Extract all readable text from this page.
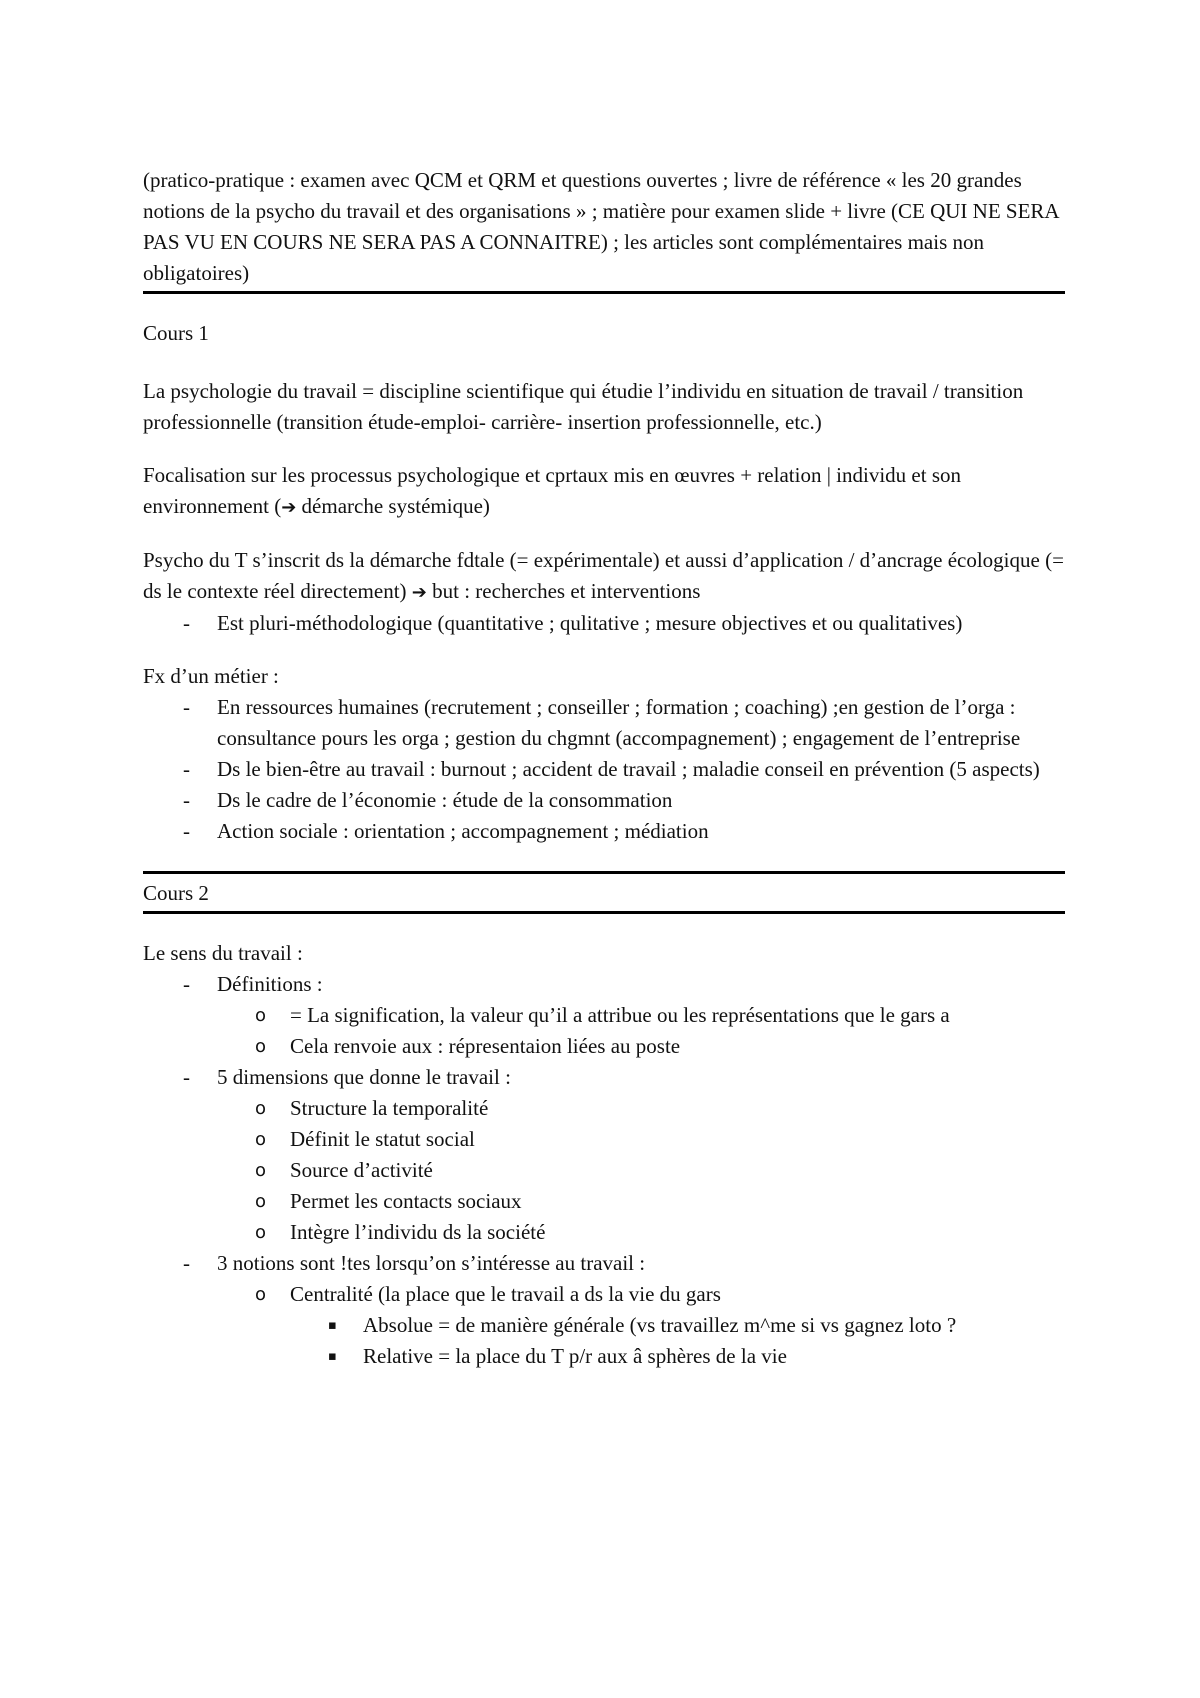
(pratico-pratique : examen avec QCM et QRM et questions ouvertes ; livre de référence « les 20 grandes notions de la psycho du travail et des organisations » ; matière pour examen slide + livre (CE QUI NE SERA PAS VU EN COURS NE SERA PAS A CONNAITRE) ; les articles sont complémentaires mais non obligatoires)

Cours 1

La psychologie du travail = discipline scientifique qui étudie l’individu en situation de travail / transition professionnelle (transition étude-emploi- carrière- insertion professionnelle, etc.)

Focalisation sur les processus psychologique et cprtaux mis en œuvres + relation | individu et son environnement (➔ démarche systémique)

Psycho du T s’inscrit ds la démarche fdtale (= expérimentale) et aussi d’application / d’ancrage écologique (= ds le contexte réel directement) ➔ but : recherches et interventions

- Est pluri-méthodologique (quantitative ; qulitative ; mesure objectives et ou qualitatives)

Fx d’un métier :

- En ressources humaines (recrutement ; conseiller ; formation ; coaching) ;en gestion de l’orga : consultance pours les orga ; gestion du chgmnt (accompagnement) ; engagement de l’entreprise
- Ds le bien-être au travail : burnout ; accident de travail ; maladie conseil en prévention (5 aspects)
- Ds le cadre de l’économie : étude de la consommation
- Action sociale : orientation ; accompagnement ; médiation

Cours 2

Le sens du travail :

- Définitions :
o = La signification, la valeur qu’il a attribue ou les représentations que le gars a
o Cela renvoie aux : répresentaion liées au poste
- 5 dimensions que donne le travail :
o Structure la temporalité
o Définit le statut social
o Source d’activité
o Permet les contacts sociaux
o Intègre l’individu ds la société
- 3 notions sont !tes lorsqu’on s’intéresse au travail :
o Centralité (la place que le travail a ds la vie du gars
▪ Absolue = de manière générale (vs travaillez m^me si vs gagnez loto ?
▪ Relative = la place du T p/r aux â sphères de la vie
